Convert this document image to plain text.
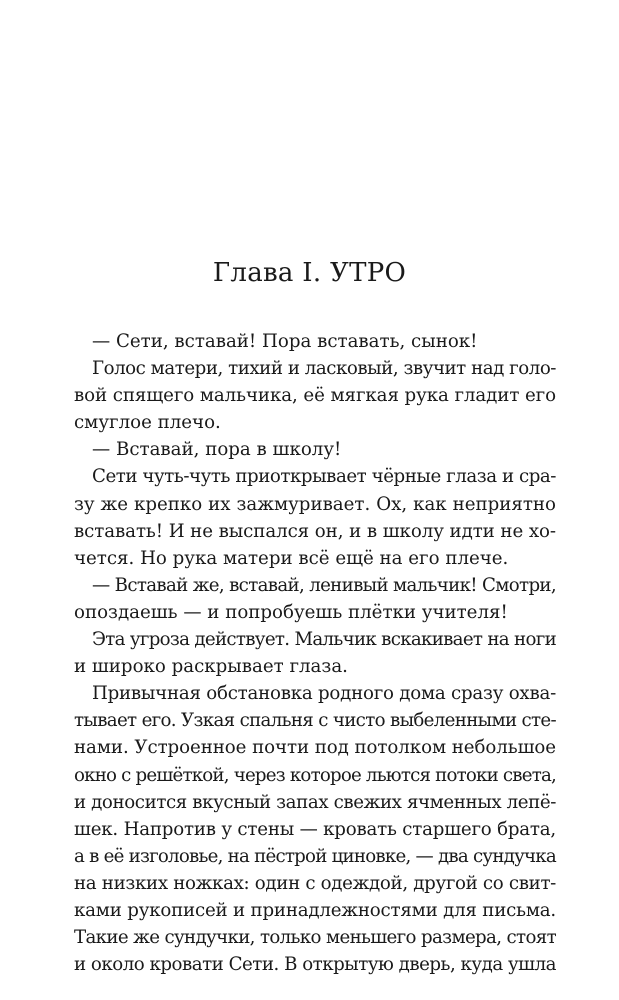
Глава I. УТРО
— Сети, вставай! Пора вставать, сынок!
Голос матери, тихий и ласковый, звучит над голо-
вой спящего мальчика, её мягкая рука гладит его
смуглое плечо.
— Вставай, пора в школу!
Сети чуть-чуть приоткрывает чёрные глаза и сра-
зу же крепко их зажмуривает. Ох, как неприятно
вставать! И не выспался он, и в школу идти не хо-
чется. Но рука матери всё ещё на его плече.
— Вставай же, вставай, ленивый мальчик! Смотри,
опоздаешь — и попробуешь плётки учителя!
Эта угроза действует. Мальчик вскакивает на ноги
и широко раскрывает глаза.
Привычная обстановка родного дома сразу охва-
тывает его. Узкая спальня с чисто выбеленными сте-
нами. Устроенное почти под потолком небольшое
окно с решёткой, через которое льются потоки света,
и доносится вкусный запах свежих ячменных лепё-
шек. Напротив у стены — кровать старшего брата,
а в её изголовье, на пёстрой циновке, — два сундучка
на низких ножках: один с одеждой, другой со свит-
ками рукописей и принадлежностями для письма.
Такие же сундучки, только меньшего размера, стоят
и около кровати Сети. В открытую дверь, куда ушла
